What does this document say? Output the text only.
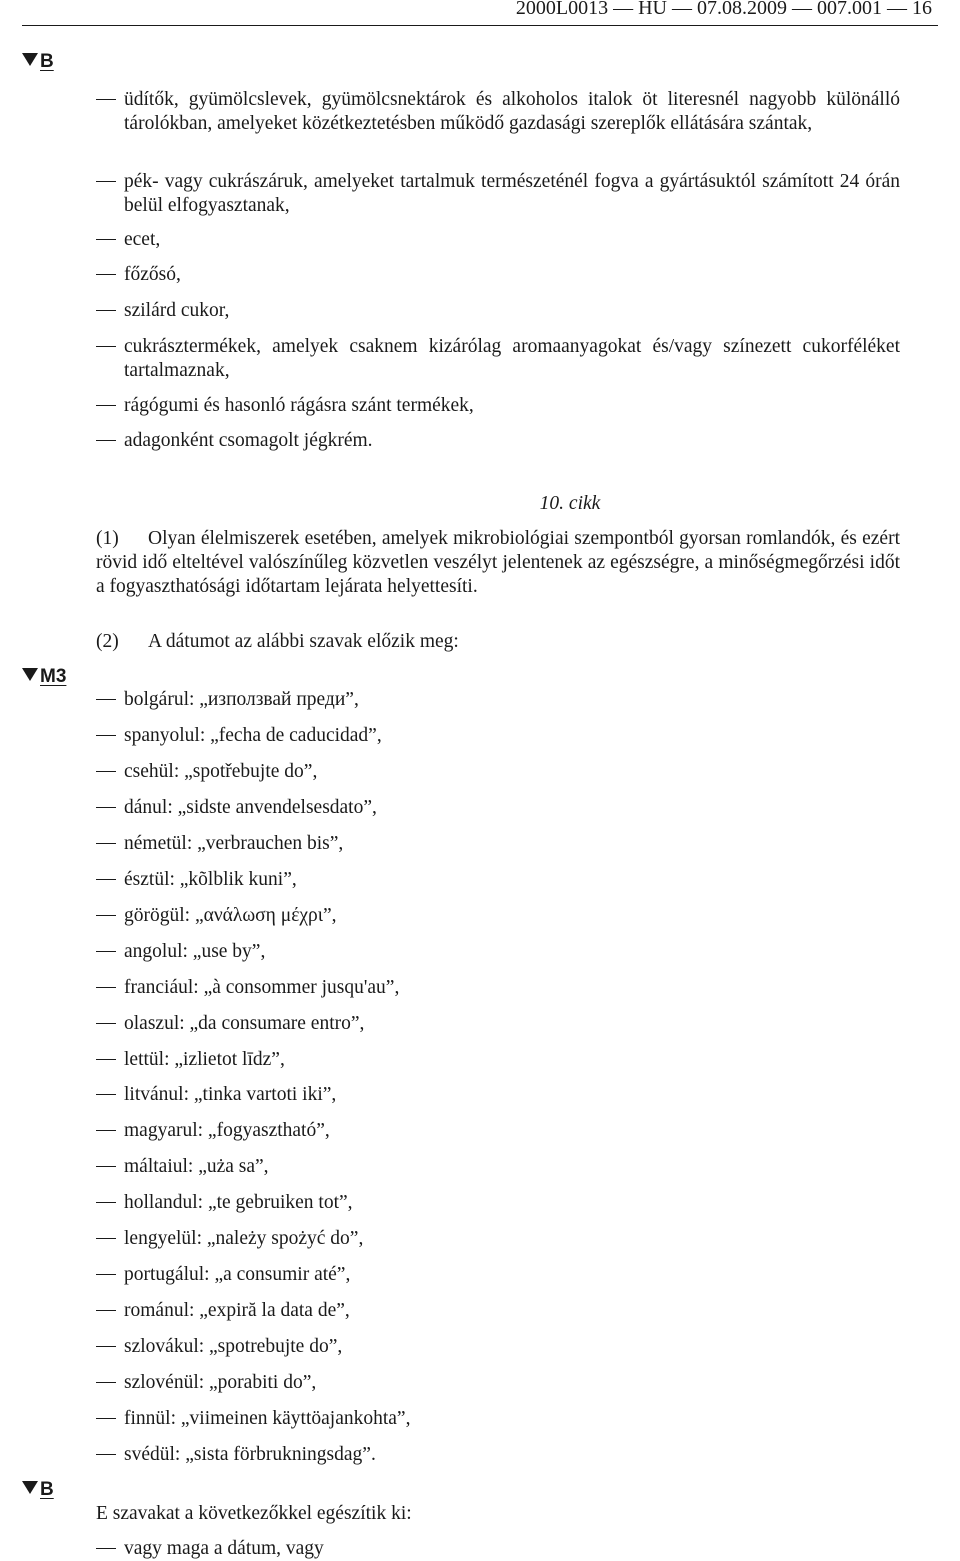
2000L0013 — HU — 07.08.2009 — 007.001 — 16
B
üdítők, gyümölcslevek, gyümölcsnektárok és alkoholos italok öt literesnél nagyobb különálló tárolókban, amelyeket közétkeztetésben működő gazdasági szereplők ellátására szántak,
pék- vagy cukrászáruk, amelyeket tartalmuk természeténél fogva a gyártásuktól számított 24 órán belül elfogyasztanak,
ecet,
főzősó,
szilárd cukor,
cukrásztermékek, amelyek csaknem kizárólag aromaanyagokat és/vagy színezett cukorféléket tartalmaznak,
rágógumi és hasonló rágásra szánt termékek,
adagonként csomagolt jégkrém.
10. cikk
(1) Olyan élelmiszerek esetében, amelyek mikrobiológiai szempontból gyorsan romlandók, és ezért rövid idő elteltével valószínűleg közvetlen veszélyt jelentenek az egészségre, a minőségmegőrzési időt a fogyaszthatósági időtartam lejárata helyettesíti.
(2) A dátumot az alábbi szavak előzik meg:
M3
bolgárul: „използвай преди”,
spanyolul: „fecha de caducidad”,
csehül: „spotřebujte do”,
dánul: „sidste anvendelsesdato”,
németül: „verbrauchen bis”,
észtül: „kõlblik kuni”,
görögül: „ανάλωση μέχρι”,
angolul: „use by”,
franciául: „à consommer jusqu'au”,
olaszul: „da consumare entro”,
lettül: „izlietot līdz”,
litvánul: „tinka vartoti iki”,
magyarul: „fogyasztható”,
máltaiul: „uża sa”,
hollandul: „te gebruiken tot”,
lengyelül: „należy spożyć do”,
portugálul: „a consumir até”,
románul: „expiră la data de”,
szlovákul: „spotrebujte do”,
szlovénül: „porabiti do”,
finnül: „viimeinen käyttöajankohta”,
svédül: „sista förbrukningsdag”.
B
E szavakat a következőkkel egészítik ki:
vagy maga a dátum, vagy
